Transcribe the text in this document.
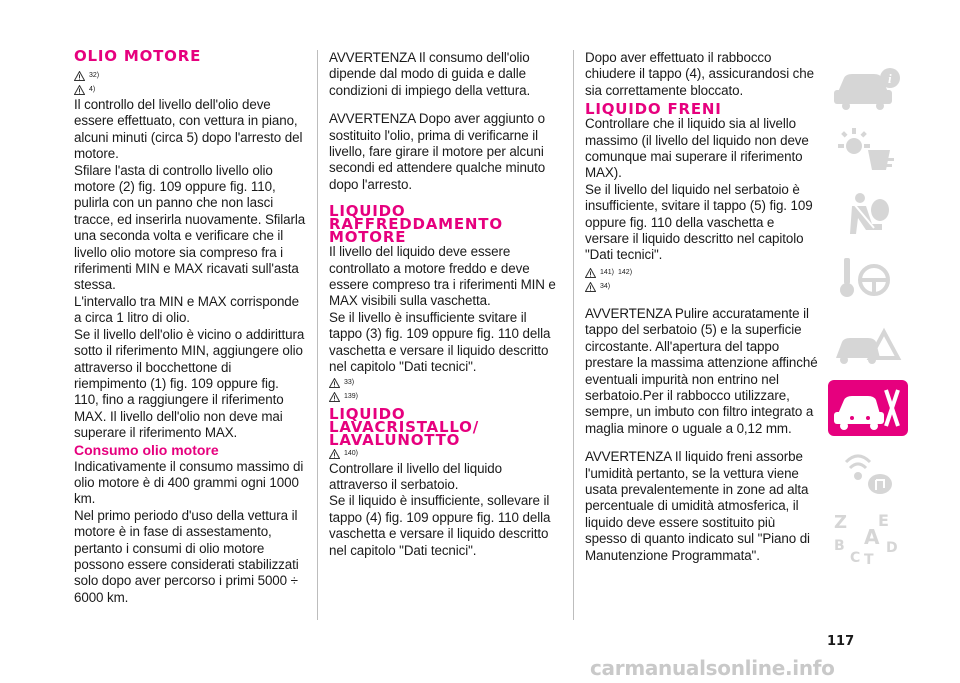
OLIO MOTORE
32)
4)

Il controllo del livello dell'olio deve essere effettuato, con vettura in piano, alcuni minuti (circa 5) dopo l'arresto del motore.

Sfilare l'asta di controllo livello olio motore (2) fig. 109 oppure fig. 110, pulirla con un panno che non lasci tracce, ed inserirla nuovamente. Sfilarla una seconda volta e verificare che il livello olio motore sia compreso fra i riferimenti MIN e MAX ricavati sull'asta stessa.

L'intervallo tra MIN e MAX corrisponde a circa 1 litro di olio.

Se il livello dell'olio è vicino o addirittura sotto il riferimento MIN, aggiungere olio attraverso il bocchettone di riempimento (1) fig. 109 oppure fig. 110, fino a raggiungere il riferimento MAX. Il livello dell'olio non deve mai superare il riferimento MAX.

Consumo olio motore

Indicativamente il consumo massimo di olio motore è di 400 grammi ogni 1000 km.

Nel primo periodo d'uso della vettura il motore è in fase di assestamento, pertanto i consumi di olio motore possono essere considerati stabilizzati solo dopo aver percorso i primi 5000 ÷ 6000 km.

AVVERTENZA Il consumo dell'olio dipende dal modo di guida e dalle condizioni di impiego della vettura.

AVVERTENZA Dopo aver aggiunto o sostituito l'olio, prima di verificarne il livello, fare girare il motore per alcuni secondi ed attendere qualche minuto dopo l'arresto.

LIQUIDO RAFFREDDAMENTO MOTORE

Il livello del liquido deve essere controllato a motore freddo e deve essere compreso tra i riferimenti MIN e MAX visibili sulla vaschetta.

Se il livello è insufficiente svitare il tappo (3) fig. 109 oppure fig. 110 della vaschetta e versare il liquido descritto nel capitolo "Dati tecnici".

33)
139)
LIQUIDO LAVACRISTALLO/ LAVALUNOTTO
140)

Controllare il livello del liquido attraverso il serbatoio.

Se il liquido è insufficiente, sollevare il tappo (4) fig. 109 oppure fig. 110 della vaschetta e versare il liquido descritto nel capitolo "Dati tecnici".

Dopo aver effettuato il rabbocco chiudere il tappo (4), assicurandosi che sia correttamente bloccato.

LIQUIDO FRENI

Controllare che il liquido sia al livello massimo (il livello del liquido non deve comunque mai superare il riferimento MAX).

Se il livello del liquido nel serbatoio è insufficiente, svitare il tappo (5) fig. 109 oppure fig. 110 della vaschetta e versare il liquido descritto nel capitolo "Dati tecnici".

141) 142)
34)

AVVERTENZA Pulire accuratamente il tappo del serbatoio (5) e la superficie circostante. All'apertura del tappo prestare la massima attenzione affinché eventuali impurità non entrino nel serbatoio.Per il rabbocco utilizzare, sempre, un imbuto con filtro integrato a maglia minore o uguale a 0,12 mm.

AVVERTENZA Il liquido freni assorbe l'umidità pertanto, se la vettura viene usata prevalentemente in zone ad alta percentuale di umidità atmosferica, il liquido deve essere sostituito più spesso di quanto indicato sul "Piano di Manutenzione Programmata".

i
Z E
B A
C T
D
117
carmanualsonline.info
